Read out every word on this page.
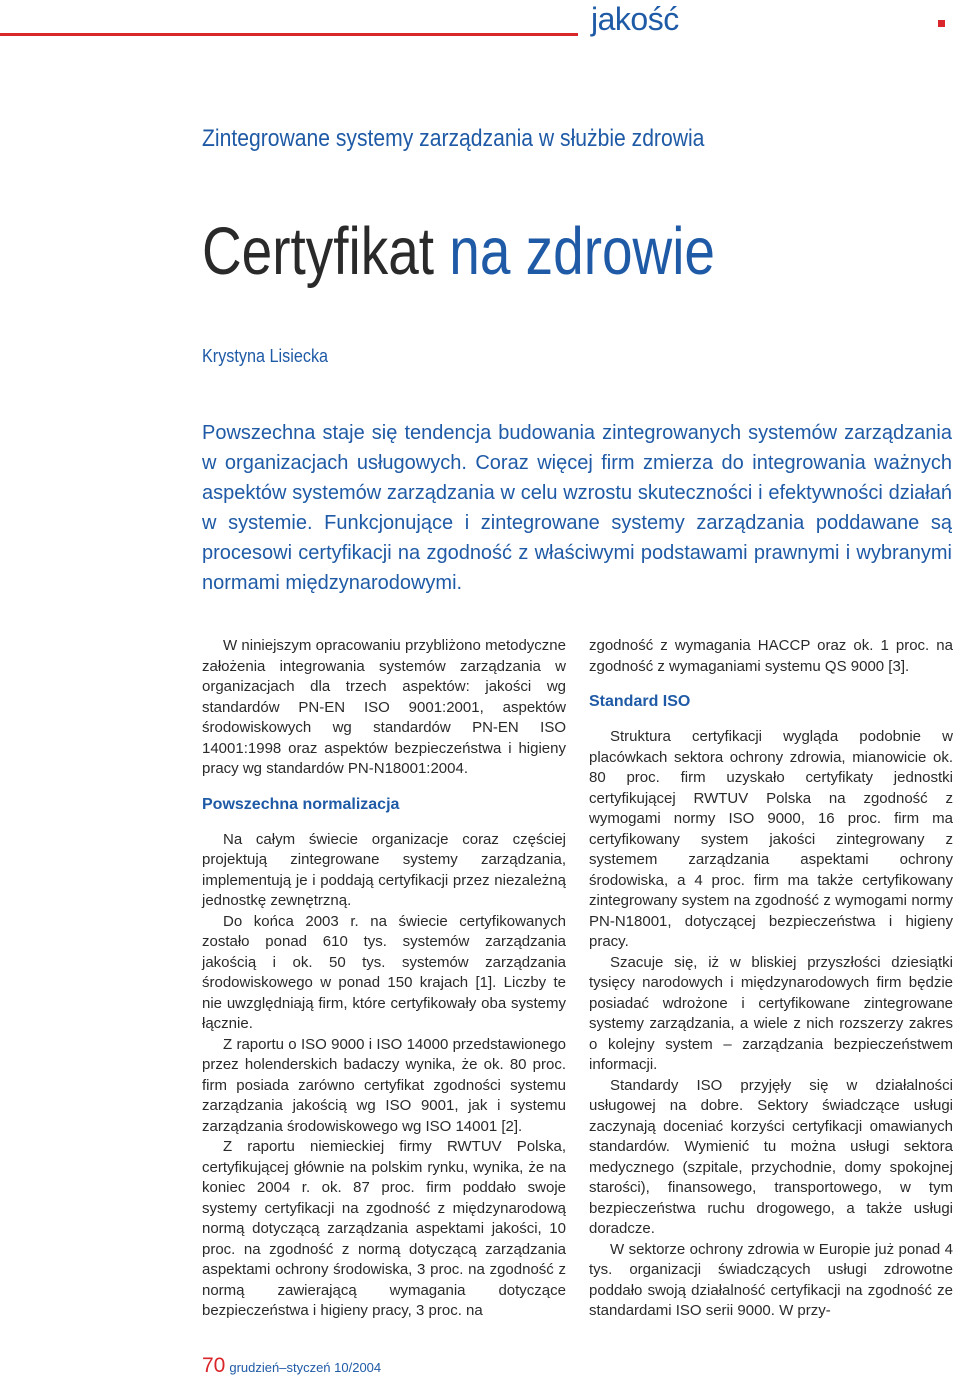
jakość
Zintegrowane systemy zarządzania w służbie zdrowia
Certyfikat na zdrowie
Krystyna Lisiecka
Powszechna staje się tendencja budowania zintegrowanych systemów zarządzania w organizacjach usługowych. Coraz więcej firm zmierza do integrowania ważnych aspektów systemów zarządzania w celu wzrostu skuteczności i efektywności działań w systemie. Funkcjonujące i zintegrowane systemy zarządzania poddawane są procesowi certyfikacji na zgodność z właściwymi podstawami prawnymi i wybranymi normami międzynarodowymi.

W niniejszym opracowaniu przybliżono metodyczne założenia integrowania systemów zarządzania w organizacjach dla trzech aspektów: jakości wg standardów PN-EN ISO 9001:2001, aspektów środowiskowych wg standardów PN-EN ISO 14001:1998 oraz aspektów bezpieczeństwa i higieny pracy wg standardów PN-N18001:2004.

Powszechna normalizacja

Na całym świecie organizacje coraz częściej projektują zintegrowane systemy zarządzania, implementują je i poddają certyfikacji przez niezależną jednostkę zewnętrzną.

Do końca 2003 r. na świecie certyfikowanych zostało ponad 610 tys. systemów zarządzania jakością i ok. 50 tys. systemów zarządzania środowiskowego w ponad 150 krajach [1]. Liczby te nie uwzględniają firm, które certyfikowały oba systemy łącznie.

Z raportu o ISO 9000 i ISO 14000 przedstawionego przez holenderskich badaczy wynika, że ok. 80 proc. firm posiada zarówno certyfikat zgodności systemu zarządzania jakością wg ISO 9001, jak i systemu zarządzania środowiskowego wg ISO 14001 [2].

Z raportu niemieckiej firmy RWTUV Polska, certyfikującej głównie na polskim rynku, wynika, że na koniec 2004 r. ok. 87 proc. firm poddało swoje systemy certyfikacji na zgodność z międzynarodową normą dotyczącą zarządzania aspektami jakości, 10 proc. na zgodność z normą dotyczącą zarządzania aspektami ochrony środowiska, 3 proc. na zgodność z normą zawierającą wymagania dotyczące bezpieczeństwa i higieny pracy, 3 proc. na

zgodność z wymagania HACCP oraz ok. 1 proc. na zgodność z wymaganiami systemu QS 9000 [3].

Standard ISO

Struktura certyfikacji wygląda podobnie w placówkach sektora ochrony zdrowia, mianowicie ok. 80 proc. firm uzyskało certyfikaty jednostki certyfikującej RWTUV Polska na zgodność z wymogami normy ISO 9000, 16 proc. firm ma certyfikowany system jakości zintegrowany z systemem zarządzania aspektami ochrony środowiska, a 4 proc. firm ma także certyfikowany zintegrowany system na zgodność z wymogami normy PN-N18001, dotyczącej bezpieczeństwa i higieny pracy.

Szacuje się, iż w bliskiej przyszłości dziesiątki tysięcy narodowych i międzynarodowych firm będzie posiadać wdrożone i certyfikowane zintegrowane systemy zarządzania, a wiele z nich rozszerzy zakres o kolejny system – zarządzania bezpieczeństwem informacji.

Standardy ISO przyjęły się w działalności usługowej na dobre. Sektory świadczące usługi zaczynają doceniać korzyści certyfikacji omawianych standardów. Wymienić tu można usługi sektora medycznego (szpitale, przychodnie, domy spokojnej starości), finansowego, transportowego, w tym bezpieczeństwa ruchu drogowego, a także usługi doradcze.

W sektorze ochrony zdrowia w Europie już ponad 4 tys. organizacji świadczących usługi zdrowotne poddało swoją działalność certyfikacji na zgodność ze standardami ISO serii 9000. W przy-

70 grudzień–styczeń 10/2004
